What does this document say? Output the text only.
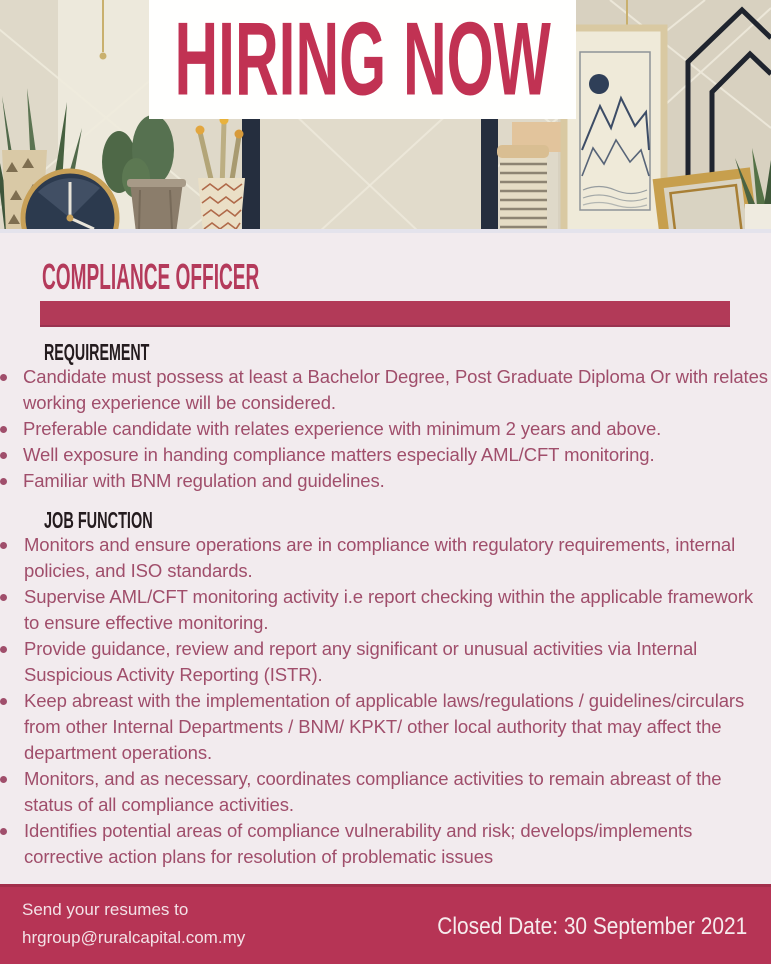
HIRING NOW
COMPLIANCE OFFICER
REQUIREMENT
Candidate must possess at least a Bachelor Degree, Post Graduate Diploma Or with relates working experience will be considered.
Preferable candidate with relates experience with minimum 2 years and above.
Well exposure in handing compliance matters especially AML/CFT monitoring.
Familiar with BNM regulation and guidelines.
JOB FUNCTION
Monitors and ensure operations are in compliance with regulatory requirements, internal policies, and ISO standards.
Supervise AML/CFT monitoring activity i.e report checking within the applicable framework to ensure effective monitoring.
Provide guidance, review and report any significant or unusual activities via Internal Suspicious Activity Reporting (ISTR).
Keep abreast with the implementation of applicable laws/regulations / guidelines/circulars from other Internal Departments / BNM/ KPKT/ other local authority that may affect the department operations.
Monitors, and as necessary, coordinates compliance activities to remain abreast of the status of all compliance activities.
Identifies potential areas of compliance vulnerability and risk; develops/implements corrective action plans for resolution of problematic issues
Send your resumes to
hrgroup@ruralcapital.com.my	Closed Date: 30 September 2021
